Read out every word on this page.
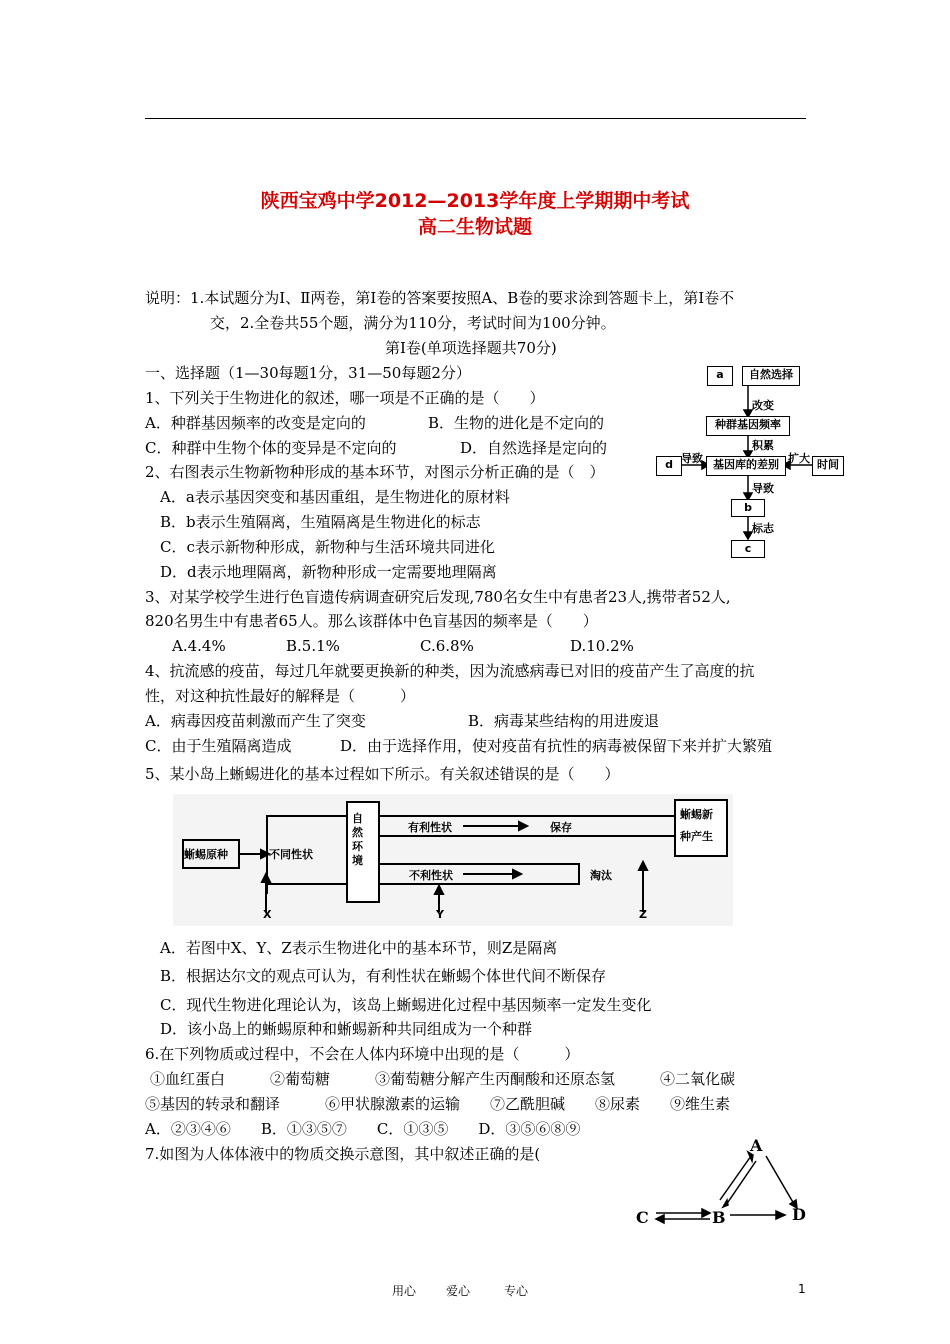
陕西宝鸡中学2012—2013学年度上学期期中考试
高二生物试题
说明：1.本试题分为Ⅰ、Ⅱ两卷，第Ⅰ卷的答案要按照A、B卷的要求涂到答题卡上，第Ⅰ卷不
交，2.全卷共55个题，满分为110分，考试时间为100分钟。
第Ⅰ卷(单项选择题共70分)
一、选择题（1—30每题1分，31—50每题2分）
1、下列关于生物进化的叙述，哪一项是不正确的是（　　）
A．种群基因频率的改变是定向的	B．生物的进化是不定向的
C．种群中生物个体的变异是不定向的	D．自然选择是定向的
2、右图表示生物新物种形成的基本环节，对图示分析正确的是（　）
A．a表示基因突变和基因重组，是生物进化的原材料
B．b表示生殖隔离，生殖隔离是生物进化的标志
C．c表示新物种形成，新物种与生活环境共同进化
D．d表示地理隔离，新物种形成一定需要地理隔离
a	自然选择
改变
种群基因频率
积累
d 导致 基因库的差别 扩大 时间
导致
b
标志
c
3、对某学校学生进行色盲遗传病调查研究后发现,780名女生中有患者23人,携带者52人,
820名男生中有患者65人。那么该群体中色盲基因的频率是（　　）
A.4.4%	B.5.1%	C.6.8%	D.10.2%
4、抗流感的疫苗，每过几年就要更换新的种类，因为流感病毒已对旧的疫苗产生了高度的抗
性，对这种抗性最好的解释是（　　　）
A．病毒因疫苗刺激而产生了突变	B．病毒某些结构的用进废退
C．由于生殖隔离造成	D．由于选择作用，使对疫苗有抗性的病毒被保留下来并扩大繁殖
5、某小岛上蜥蜴进化的基本过程如下所示。有关叙述错误的是（　　）
蜥蜴原种	不同性状
自然环境
有利性状	保存
不利性状	淘汰
蜥蜴新
种产生
X	Y	Z
A．若图中X、Y、Z表示生物进化中的基本环节，则Z是隔离
B．根据达尔文的观点可认为，有利性状在蜥蜴个体世代间不断保存
C．现代生物进化理论认为，该岛上蜥蜴进化过程中基因频率一定发生变化
D．该小岛上的蜥蜴原种和蜥蜴新种共同组成为一个种群
6.在下列物质或过程中，不会在人体内环境中出现的是（　　　）
①血红蛋白　　　②葡萄糖　　　③葡萄糖分解产生丙酮酸和还原态氢　　　④二氧化碳
⑤基因的转录和翻译　　　⑥甲状腺激素的运输　　⑦乙酰胆碱　　⑧尿素　　⑨维生素
A．②③④⑥　　B．①③⑤⑦　　C．①③⑤　　D．③⑤⑥⑧⑨
7.如图为人体体液中的物质交换示意图，其中叙述正确的是(	A
B
C	D
用心 爱心	专心	1
